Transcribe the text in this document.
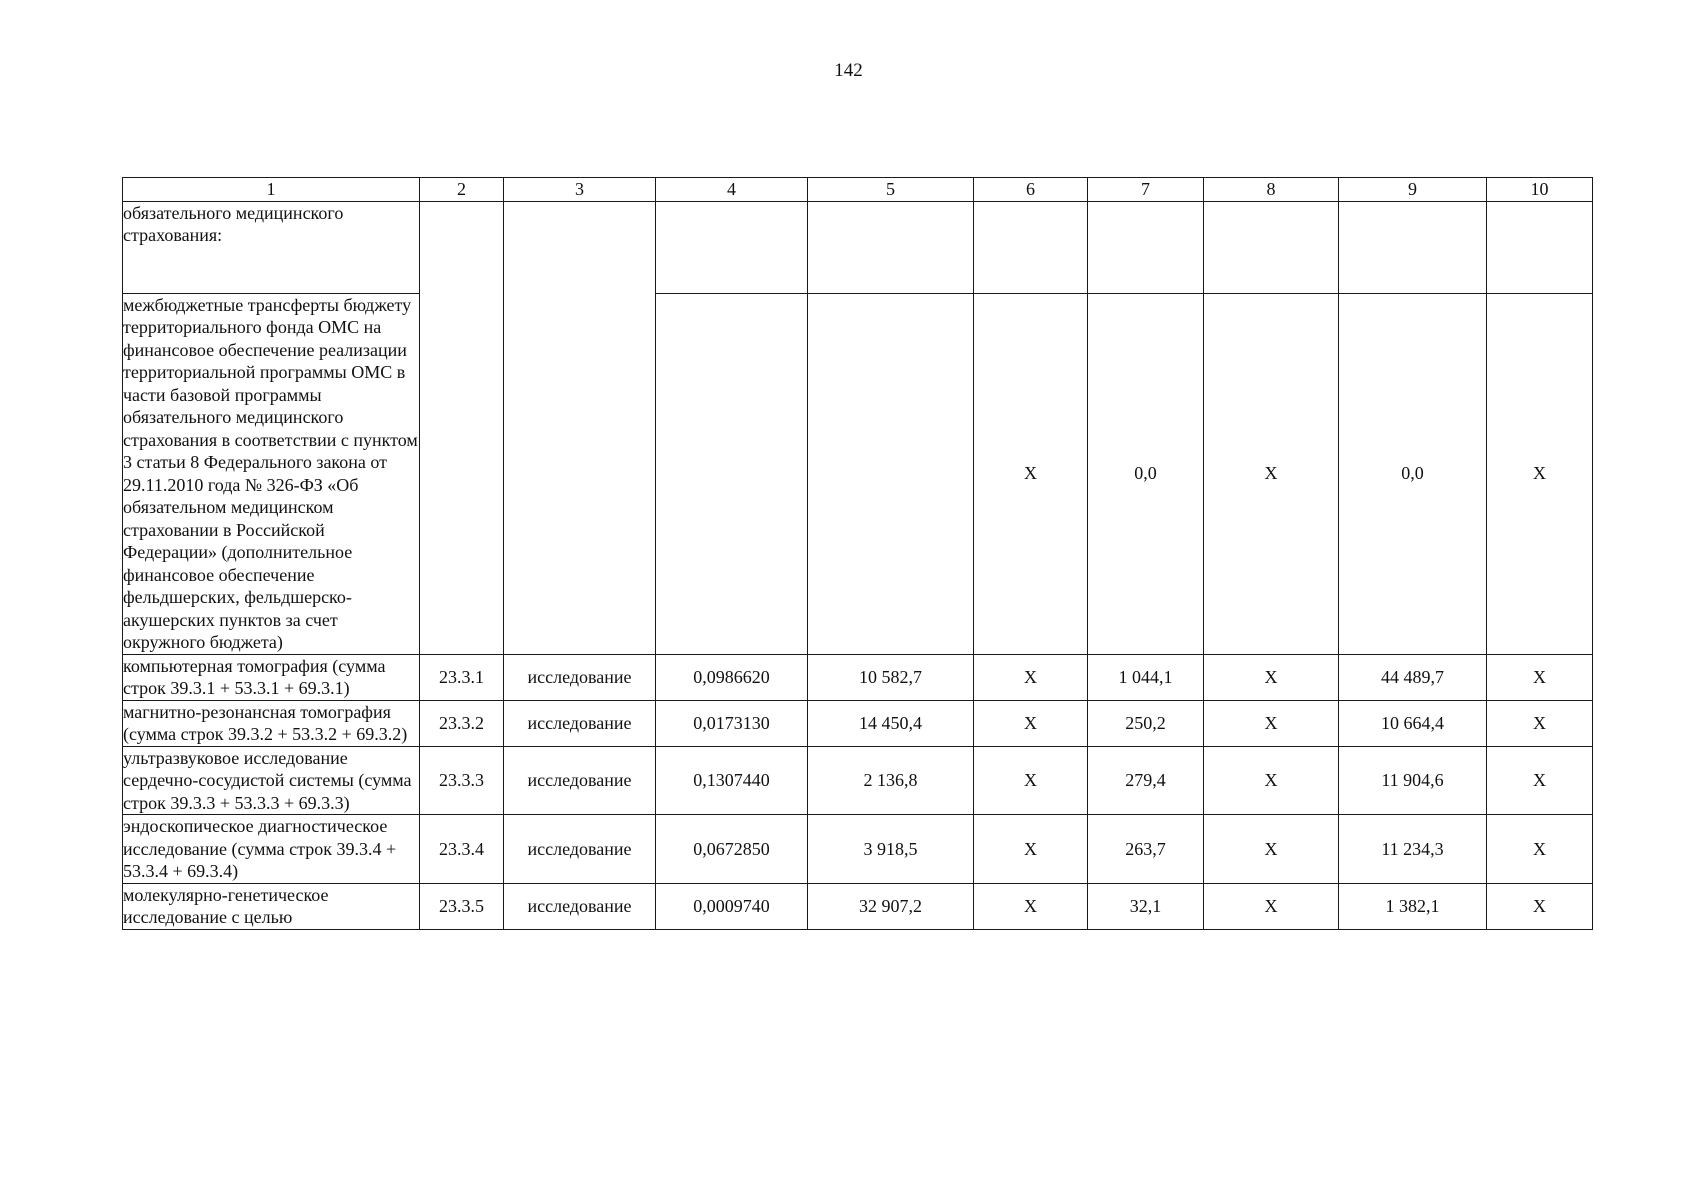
142
1	2	3	4	5	6	7	8	9	10
обязательного медицинского страхования:									
межбюджетные трансферты бюджету территориального фонда ОМС на финансовое обеспечение реализации территориальной программы ОМС в части базовой программы обязательного медицинского страхования в соответствии с пунктом 3 статьи 8 Федерального закона от 29.11.2010 года № 326-ФЗ «Об обязательном медицинском страховании в Российской Федерации» (дополнительное финансовое обеспечение фельдшерских, фельдшерско-акушерских пунктов за счет окружного бюджета)					Х	0,0	Х	0,0	Х
компьютерная томография (сумма строк 39.3.1 + 53.3.1 + 69.3.1)	23.3.1	исследование	0,0986620	10 582,7	Х	1 044,1	Х	44 489,7	Х
магнитно-резонансная томография (сумма строк 39.3.2 + 53.3.2 + 69.3.2)	23.3.2	исследование	0,0173130	14 450,4	Х	250,2	Х	10 664,4	Х
ультразвуковое исследование сердечно-сосудистой системы (сумма строк 39.3.3 + 53.3.3 + 69.3.3)	23.3.3	исследование	0,1307440	2 136,8	Х	279,4	Х	11 904,6	Х
эндоскопическое диагностическое исследование (сумма строк 39.3.4 + 53.3.4 + 69.3.4)	23.3.4	исследование	0,0672850	3 918,5	Х	263,7	Х	11 234,3	Х
молекулярно-генетическое исследование с целью	23.3.5	исследование	0,0009740	32 907,2	Х	32,1	Х	1 382,1	Х
